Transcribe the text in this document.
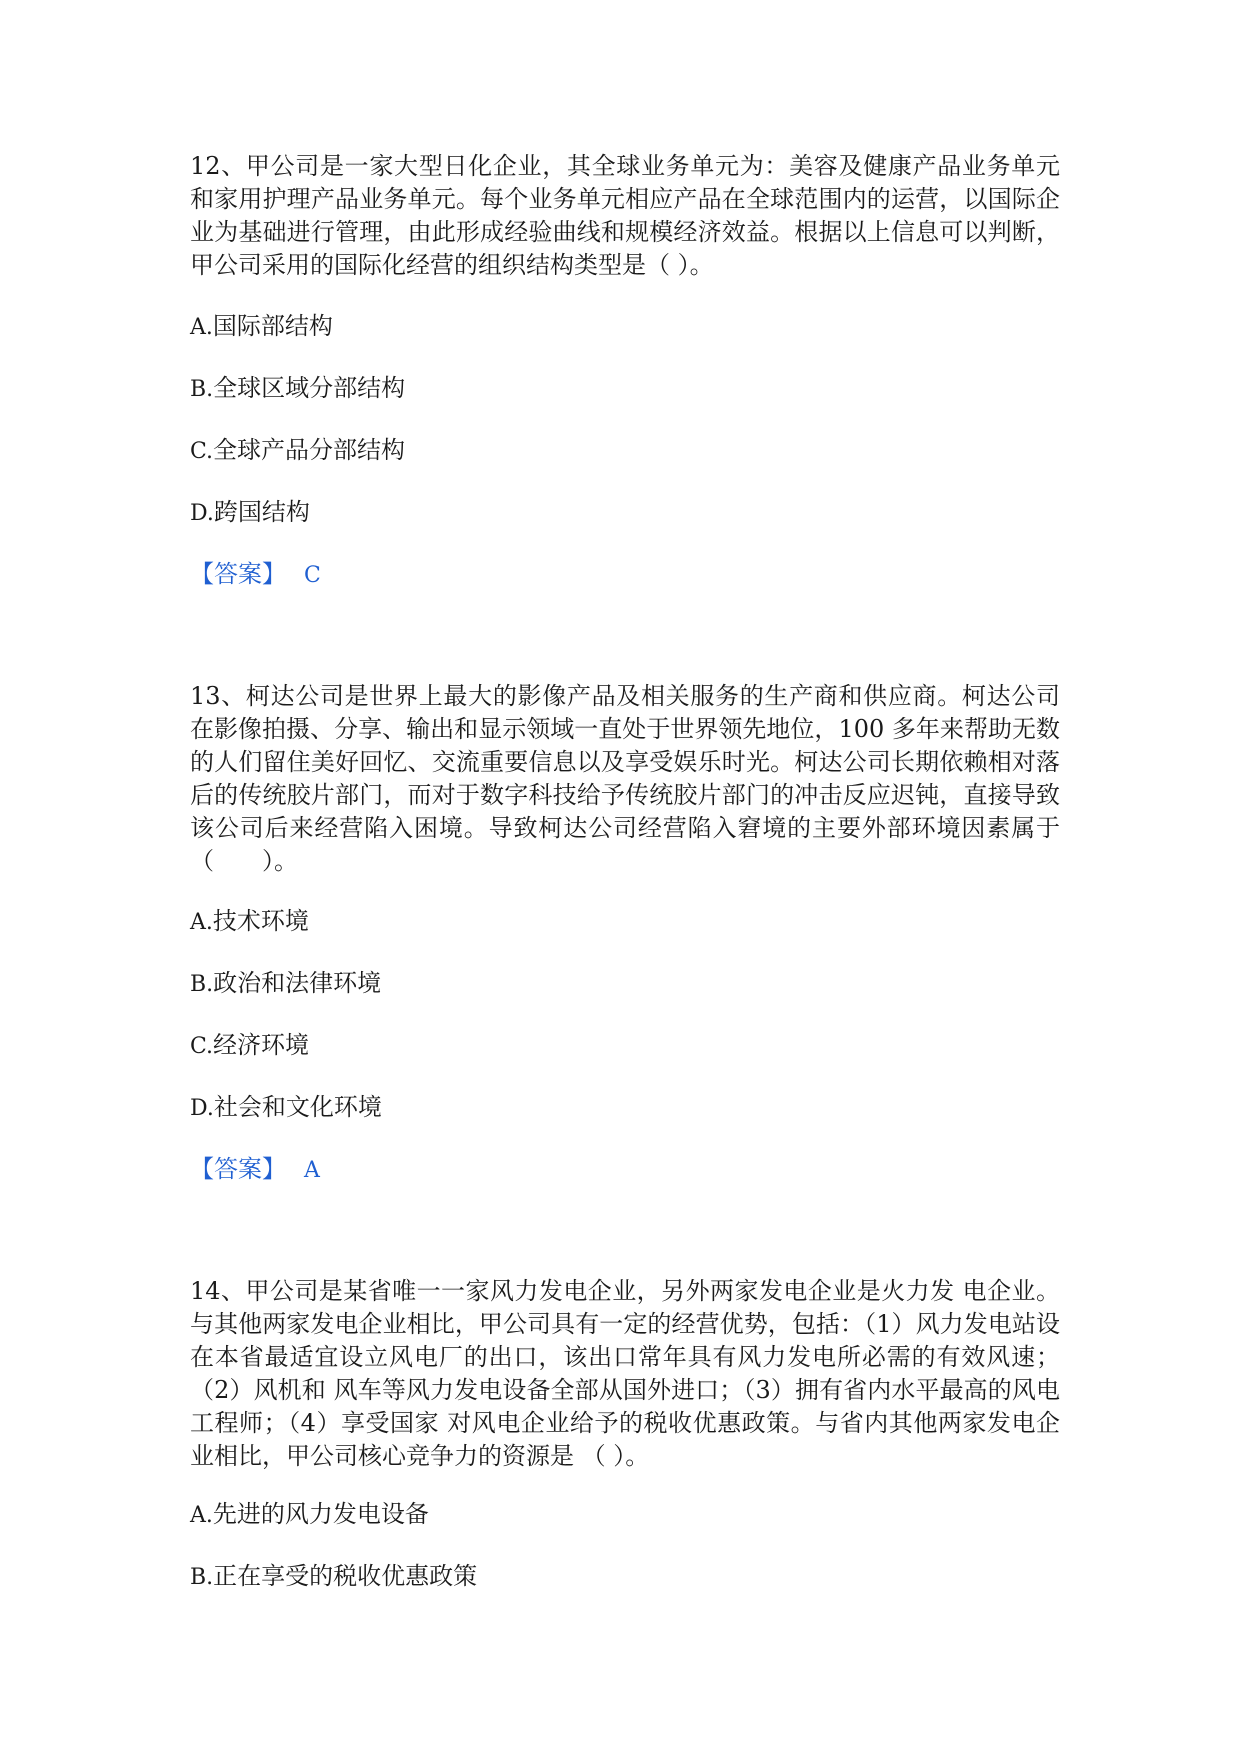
12、甲公司是一家大型日化企业，其全球业务单元为：美容及健康产品业务单元和家用护理产品业务单元。每个业务单元相应产品在全球范围内的运营，以国际企业为基础进行管理，由此形成经验曲线和规模经济效益。根据以上信息可以判断，甲公司采用的国际化经营的组织结构类型是（ ）。

A.国际部结构

B.全球区域分部结构

C.全球产品分部结构

D.跨国结构

【答案】 C

13、柯达公司是世界上最大的影像产品及相关服务的生产商和供应商。柯达公司在影像拍摄、分享、输出和显示领域一直处于世界领先地位，100 多年来帮助无数的人们留住美好回忆、交流重要信息以及享受娱乐时光。柯达公司长期依赖相对落后的传统胶片部门，而对于数字科技给予传统胶片部门的冲击反应迟钝，直接导致该公司后来经营陷入困境。导致柯达公司经营陷入窘境的主要外部环境因素属于（　　）。

A.技术环境

B.政治和法律环境

C.经济环境

D.社会和文化环境

【答案】 A

14、甲公司是某省唯一一家风力发电企业，另外两家发电企业是火力发 电企业。与其他两家发电企业相比，甲公司具有一定的经营优势，包括：（1）风力发电站设 在本省最适宜设立风电厂的出口，该出口常年具有风力发电所必需的有效风速；（2）风机和 风车等风力发电设备全部从国外进口；（3）拥有省内水平最高的风电工程师；（4）享受国家 对风电企业给予的税收优惠政策。与省内其他两家发电企业相比，甲公司核心竞争力的资源是 （ ）。

A.先进的风力发电设备

B.正在享受的税收优惠政策
